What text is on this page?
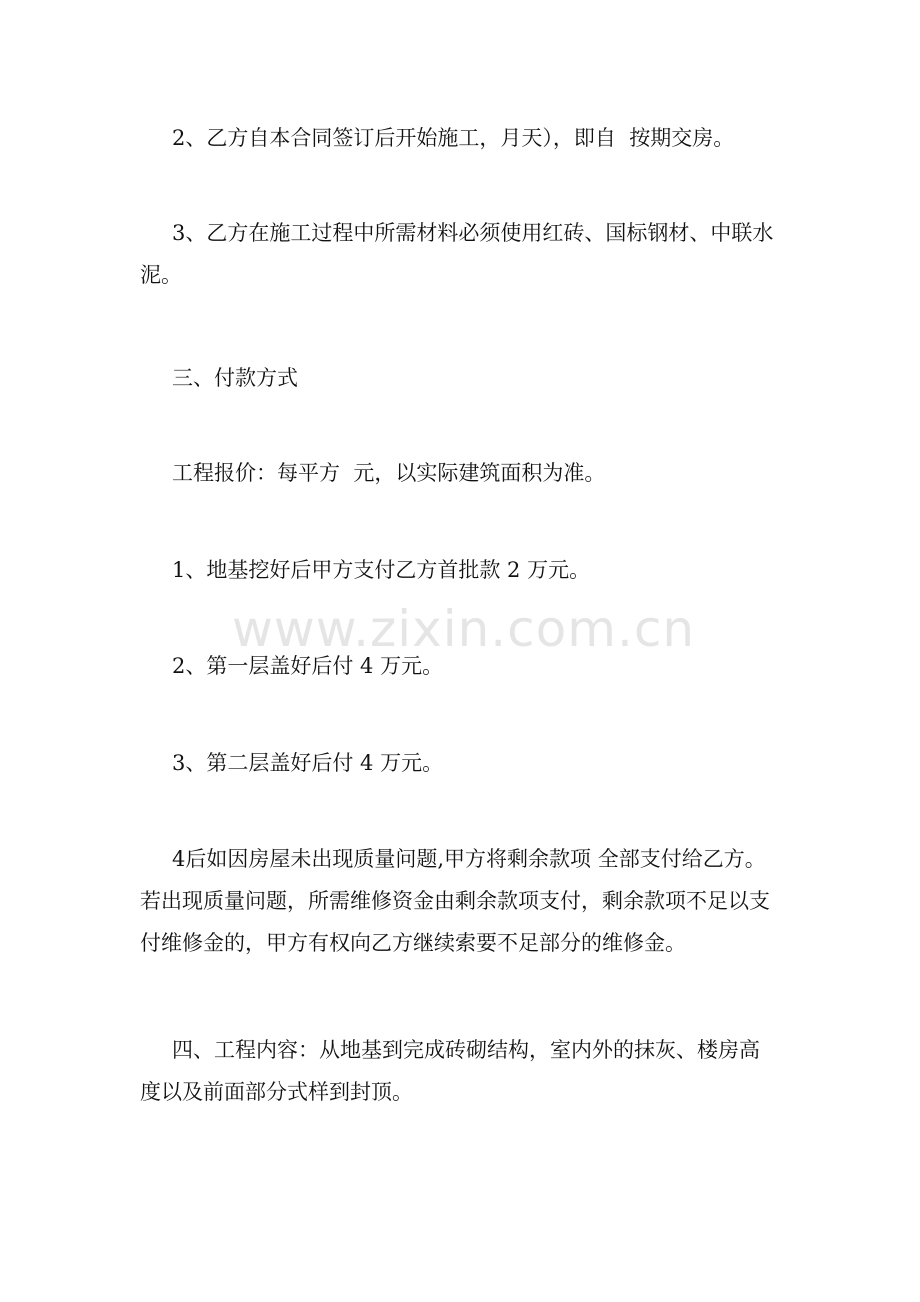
2、乙方自本合同签订后开始施工，月天），即自  按期交房。

3、乙方在施工过程中所需材料必须使用红砖、国标钢材、中联水泥。

三、付款方式

工程报价：每平方  元，以实际建筑面积为准。

1、地基挖好后甲方支付乙方首批款 2 万元。

2、第一层盖好后付 4 万元。

3、第二层盖好后付 4 万元。

4后如因房屋未出现质量问题,甲方将剩余款项 全部支付给乙方。若出现质量问题，所需维修资金由剩余款项支付，剩余款项不足以支付维修金的，甲方有权向乙方继续索要不足部分的维修金。

四、工程内容：从地基到完成砖砌结构，室内外的抹灰、楼房高度以及前面部分式样到封顶。

www.zixin.com.cn
